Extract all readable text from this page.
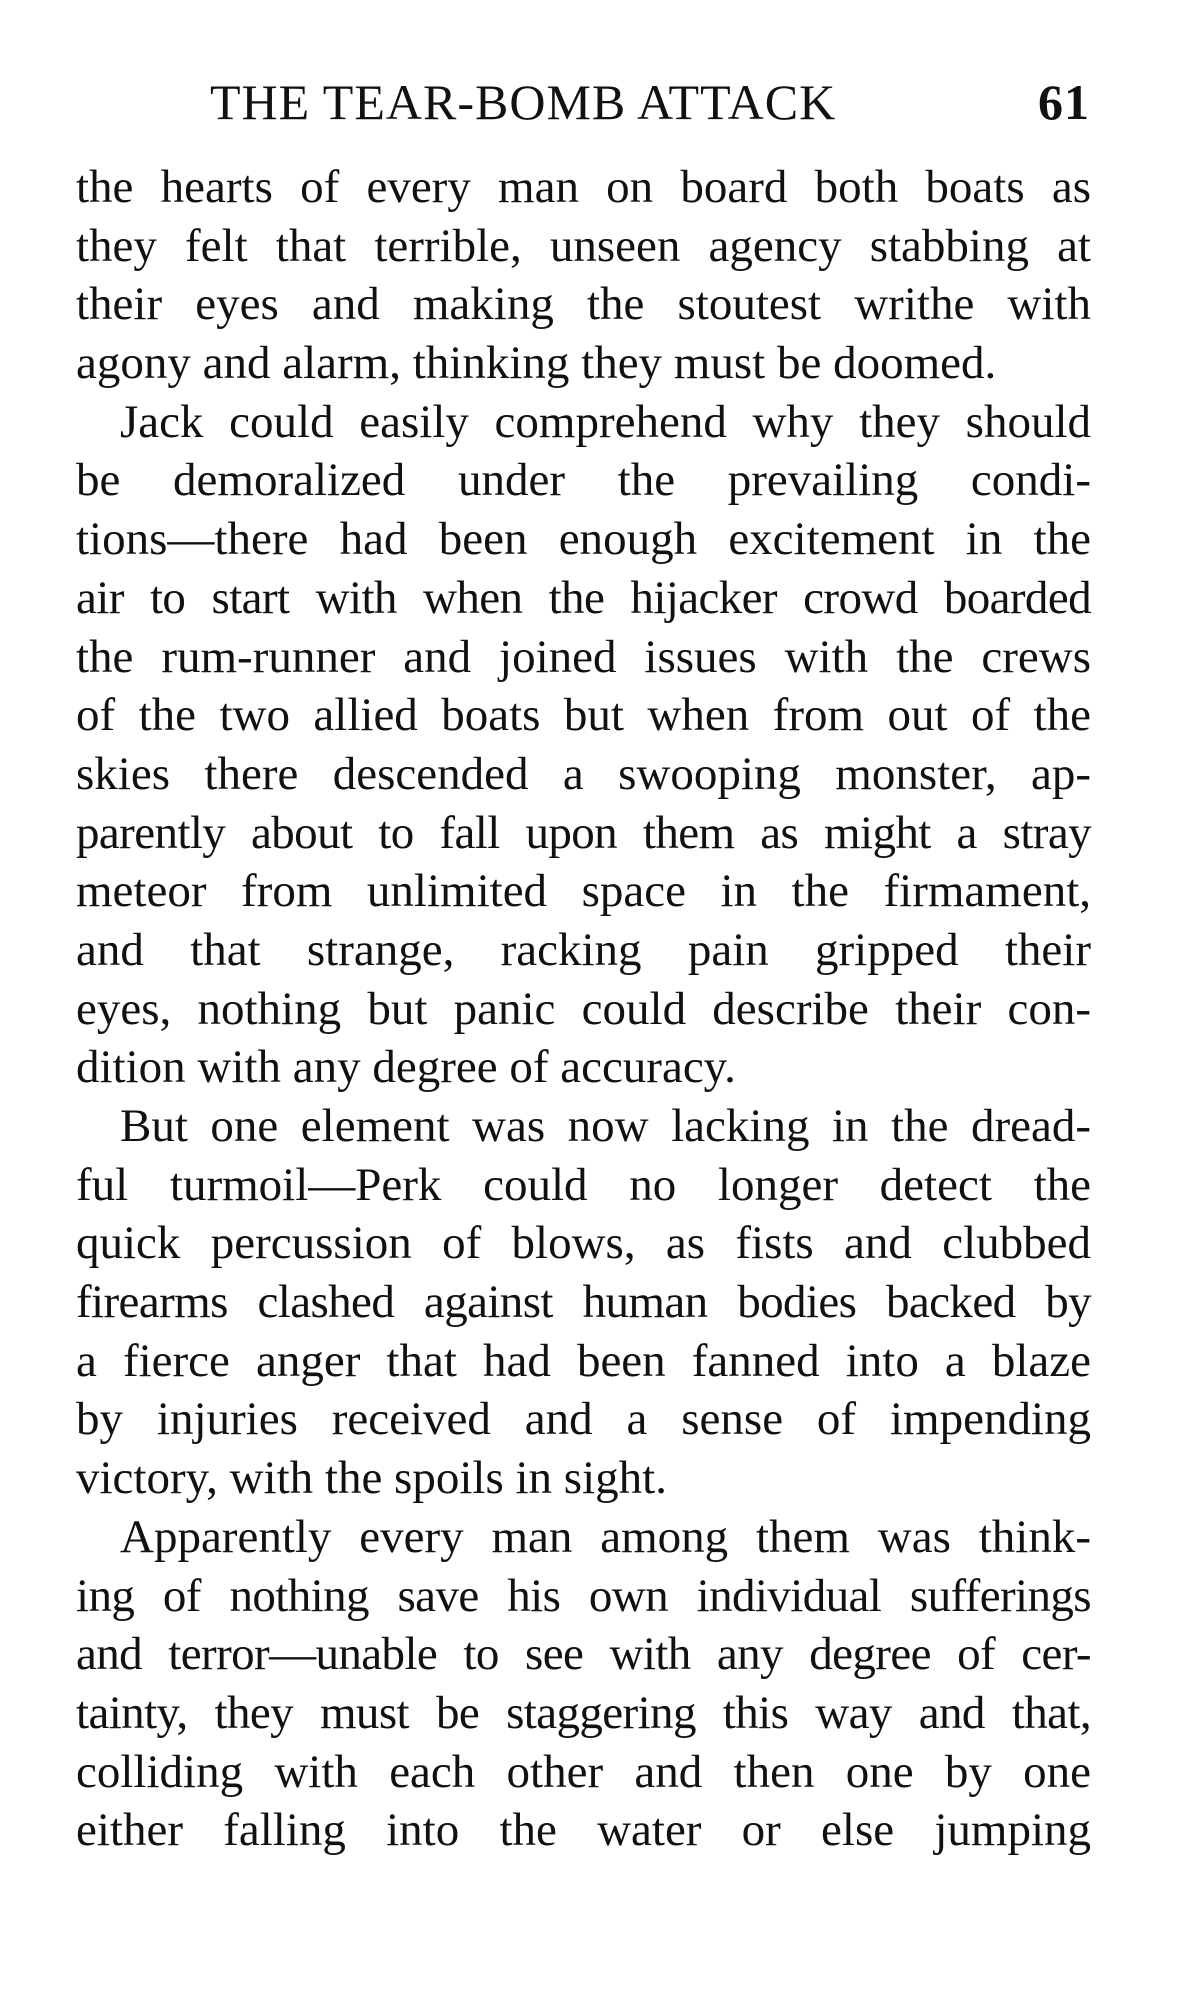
THE TEAR-BOMB ATTACK	61
the hearts of every man on board both boats as
they felt that terrible, unseen agency stabbing at
their eyes and making the stoutest writhe with
agony and alarm, thinking they must be doomed.
Jack could easily comprehend why they should
be demoralized under the prevailing condi-
tions—there had been enough excitement in the
air to start with when the hijacker crowd boarded
the rum-runner and joined issues with the crews
of the two allied boats but when from out of the
skies there descended a swooping monster, ap-
parently about to fall upon them as might a stray
meteor from unlimited space in the firmament,
and that strange, racking pain gripped their
eyes, nothing but panic could describe their con-
dition with any degree of accuracy.
But one element was now lacking in the dread-
ful turmoil—Perk could no longer detect the
quick percussion of blows, as fists and clubbed
firearms clashed against human bodies backed by
a fierce anger that had been fanned into a blaze
by injuries received and a sense of impending
victory, with the spoils in sight.
Apparently every man among them was think-
ing of nothing save his own individual sufferings
and terror—unable to see with any degree of cer-
tainty, they must be staggering this way and that,
colliding with each other and then one by one
either falling into the water or else jumping
